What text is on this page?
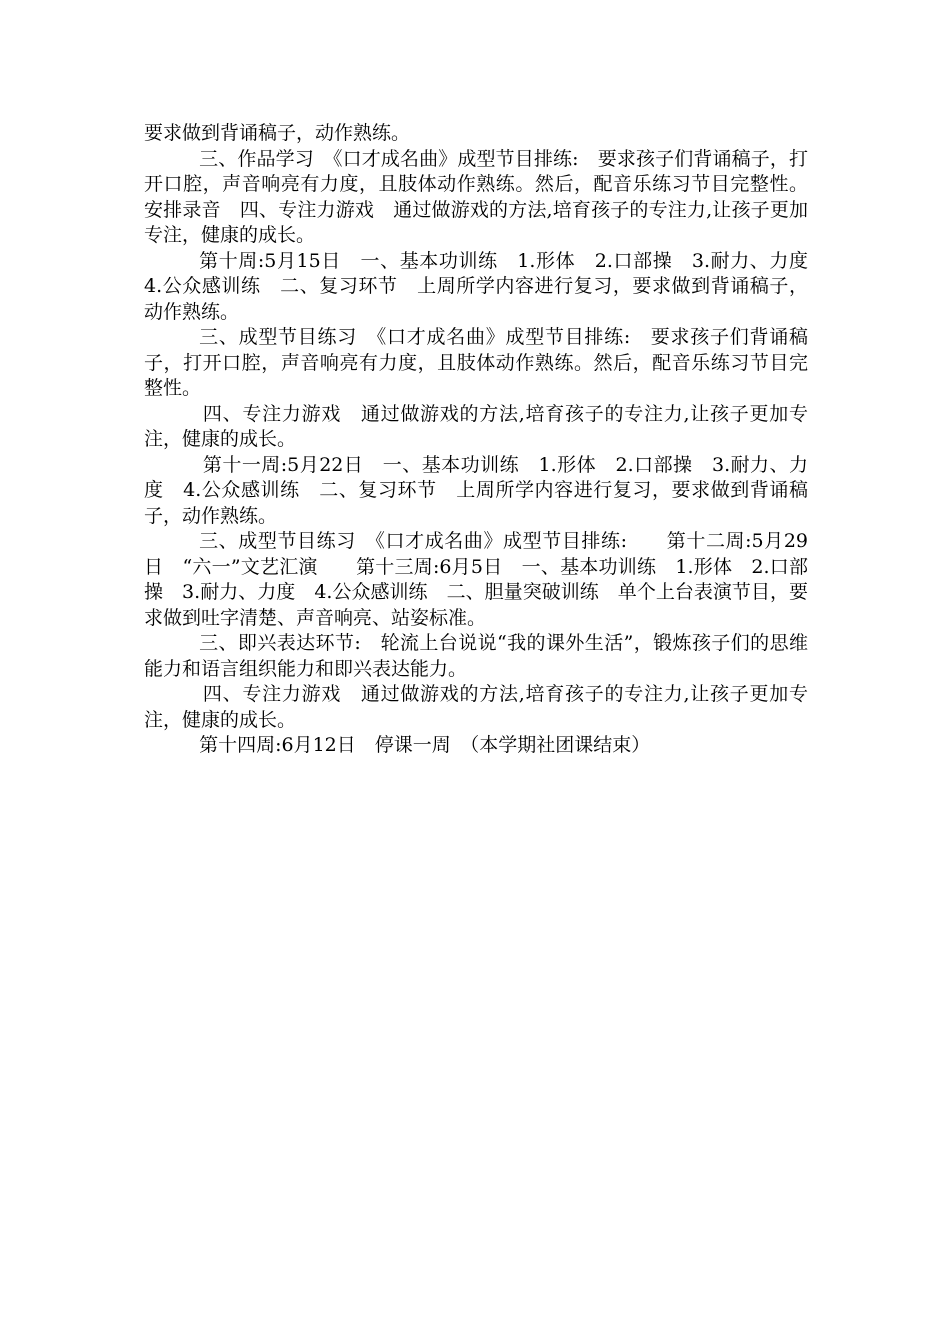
要求做到背诵稿子，动作熟练。

三、作品学习　《口才成名曲》成型节目排练:　要求孩子们背诵稿子，打开口腔，声音响亮有力度，且肢体动作熟练。然后，配音乐练习节目完整性。安排录音　四、专注力游戏　通过做游戏的方法,培育孩子的专注力,让孩子更加专注，健康的成长。

第十周:5月15日　一、基本功训练　1.形体　2.口部操　3.耐力、力度　4.公众感训练　二、复习环节　上周所学内容进行复习，要求做到背诵稿子，动作熟练。

三、成型节目练习　《口才成名曲》成型节目排练:　要求孩子们背诵稿子，打开口腔，声音响亮有力度，且肢体动作熟练。然后，配音乐练习节目完整性。

四、专注力游戏　通过做游戏的方法,培育孩子的专注力,让孩子更加专注，健康的成长。

第十一周:5月22日　一、基本功训练　1.形体　2.口部操　3.耐力、力度　4.公众感训练　二、复习环节　上周所学内容进行复习，要求做到背诵稿子，动作熟练。

三、成型节目练习　《口才成名曲》成型节目排练:　　第十二周:5月29日　“六一”文艺汇演　　第十三周:6月5日　一、基本功训练　1.形体　2.口部操　3.耐力、力度　4.公众感训练　二、胆量突破训练　单个上台表演节目，要求做到吐字清楚、声音响亮、站姿标准。

三、即兴表达环节:　轮流上台说说“我的课外生活”，锻炼孩子们的思维能力和语言组织能力和即兴表达能力。

四、专注力游戏　通过做游戏的方法,培育孩子的专注力,让孩子更加专注，健康的成长。

第十四周:6月12日　停课一周　（本学期社团课结束）
